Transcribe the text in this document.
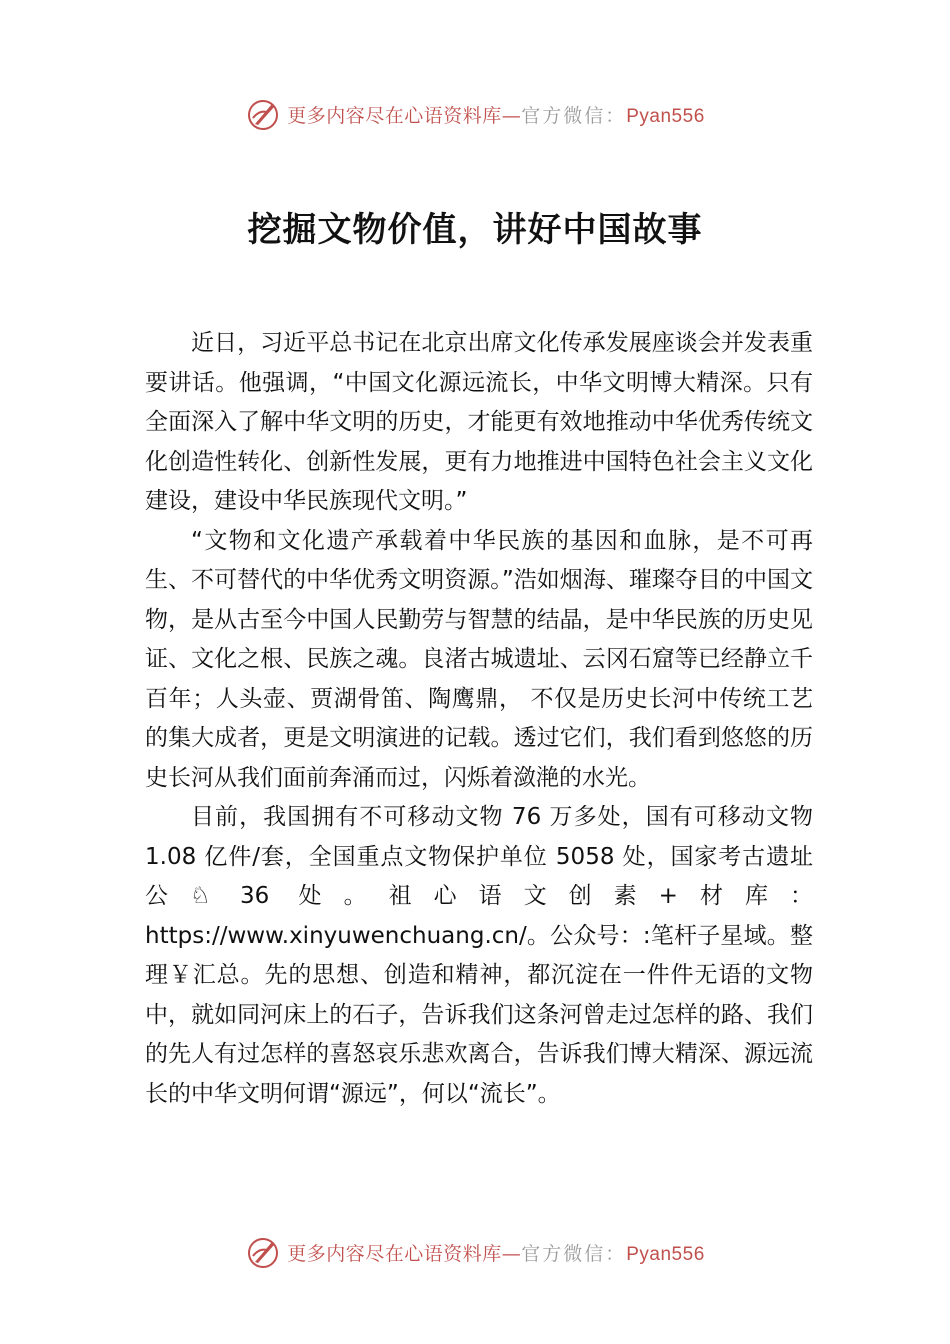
更多内容尽在心语资料库—官方微信：Pyan556
挖掘文物价值，讲好中国故事

近日，习近平总书记在北京出席文化传承发展座谈会并发表重要讲话。他强调，“中国文化源远流长，中华文明博大精深。只有全面深入了解中华文明的历史，才能更有效地推动中华优秀传统文化创造性转化、创新性发展，更有力地推进中国特色社会主义文化建设，建设中华民族现代文明。”

“文物和文化遗产承载着中华民族的基因和血脉，是不可再生、不可替代的中华优秀文明资源。”浩如烟海、璀璨夺目的中国文物，是从古至今中国人民勤劳与智慧的结晶，是中华民族的历史见证、文化之根、民族之魂。良渚古城遗址、云冈石窟等已经静立千百年；人头壶、贾湖骨笛、陶鹰鼎， 不仅是历史长河中传统工艺的集大成者，更是文明演进的记载。透过它们，我们看到悠悠的历史长河从我们面前奔涌而过，闪烁着潋滟的水光。

目前，我国拥有不可移动文物 76 万多处，国有可移动文物 1.08 亿件/套，全国重点文物保护单位 5058 处，国家考古遗址公♘ 36 处。祖心语文创素+材库：https://www.xinyuwenchuang.cn/。公众号：:笔杆子星域。整理￥汇总。先的思想、创造和精神，都沉淀在一件件无语的文物中，就如同河床上的石子，告诉我们这条河曾走过怎样的路、我们的先人有过怎样的喜怒哀乐悲欢离合，告诉我们博大精深、源远流长的中华文明何谓“源远”，何以“流长”。

更多内容尽在心语资料库—官方微信：Pyan556
